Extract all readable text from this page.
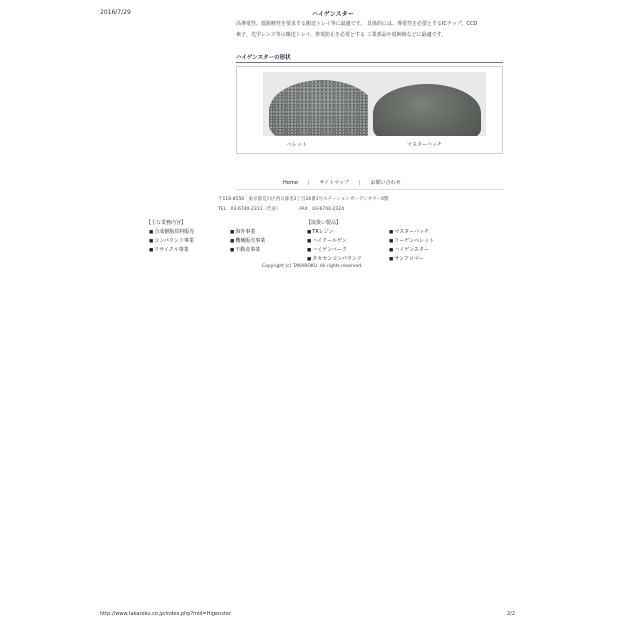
2016/7/29	ハイゲンスター
高導電性、低脱塵性を要求する搬送トレイ等に最適です。 具体的には、導電性を必要とするICチップ、CCD
素子、光学レンズ等の搬送トレイ、帯電防止を必要とする 工業部品や収納箱などに最適です。
ハイゲンスターの形状
ペレット	マスターバッチ
Home | サイトマップ | お問い合わせ
〒116-8556　東京都荒川区西日暮里2丁目26番1号ステーションガーデンタワー6階
TEL　03-6740-2311（代表）	FAX　03-6740-2324
【主な業務内容】
■ 合成樹脂原料販売
■ コンパウンド事業
■ リサイクル事業
■ 海外事業
■ 機械販売事業
■ 不動産事業
【取扱い製品】
■ TRレジン
■ ハイクールゲン
■ ハイゲンバーク
■ タカセンコンパウンド
■ マスターバッチ
■ リーゲンペレット
■ ハイゲンスター
■ サンアロマー
Copyright (c) TAKAROKU. All rights reserved.
http://www.takaroku.co.jp/index.php?mid=Higenster	2/2
